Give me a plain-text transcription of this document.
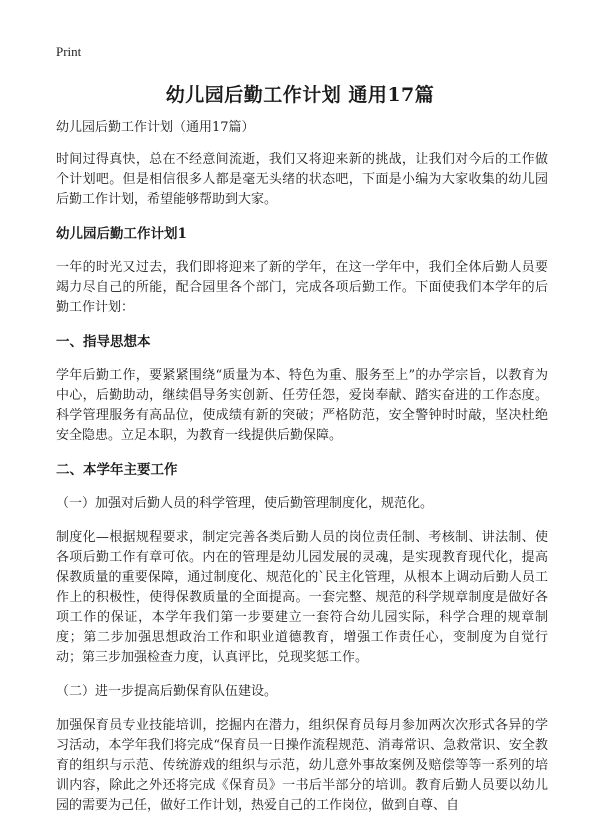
Print
幼儿园后勤工作计划 通用17篇

幼儿园后勤工作计划（通用17篇）

时间过得真快，总在不经意间流逝，我们又将迎来新的挑战，让我们对今后的工作做个计划吧。但是相信很多人都是毫无头绪的状态吧，下面是小编为大家收集的幼儿园后勤工作计划，希望能够帮助到大家。

幼儿园后勤工作计划1

一年的时光又过去，我们即将迎来了新的学年，在这一学年中，我们全体后勤人员要竭力尽自己的所能，配合园里各个部门，完成各项后勤工作。下面使我们本学年的后勤工作计划：

一、指导思想本

学年后勤工作，要紧紧围绕“质量为本、特色为重、服务至上”的办学宗旨，以教育为中心，后勤助动，继续倡导务实创新、任劳任怨，爱岗奉献、踏实奋进的工作态度。科学管理服务有高品位，使成绩有新的突破；严格防范，安全警钟时时敲，坚决杜绝安全隐患。立足本职，为教育一线提供后勤保障。

二、本学年主要工作

（一）加强对后勤人员的科学管理，使后勤管理制度化，规范化。

制度化—根据规程要求，制定完善各类后勤人员的岗位责任制、考核制、讲法制、使各项后勤工作有章可依。内在的管理是幼儿园发展的灵魂，是实现教育现代化，提高保教质量的重要保障，通过制度化、规范化的`民主化管理，从根本上调动后勤人员工作上的积极性，使得保教质量的全面提高。一套完整、规范的科学规章制度是做好各项工作的保证，本学年我们第一步要建立一套符合幼儿园实际，科学合理的规章制度；第二步加强思想政治工作和职业道德教育，增强工作责任心，变制度为自觉行动；第三步加强检查力度，认真评比，兑现奖惩工作。

（二）进一步提高后勤保育队伍建设。

加强保育员专业技能培训，挖掘内在潜力，组织保育员每月参加两次次形式各异的学习活动，本学年我们将完成“保育员一日操作流程规范、消毒常识、急救常识、安全教育的组织与示范、传统游戏的组织与示范，幼儿意外事故案例及赔偿等等一系列的培训内容，除此之外还将完成《保育员》一书后半部分的培训。教育后勤人员要以幼儿园的需要为己任，做好工作计划，热爱自己的工作岗位，做到自尊、自
